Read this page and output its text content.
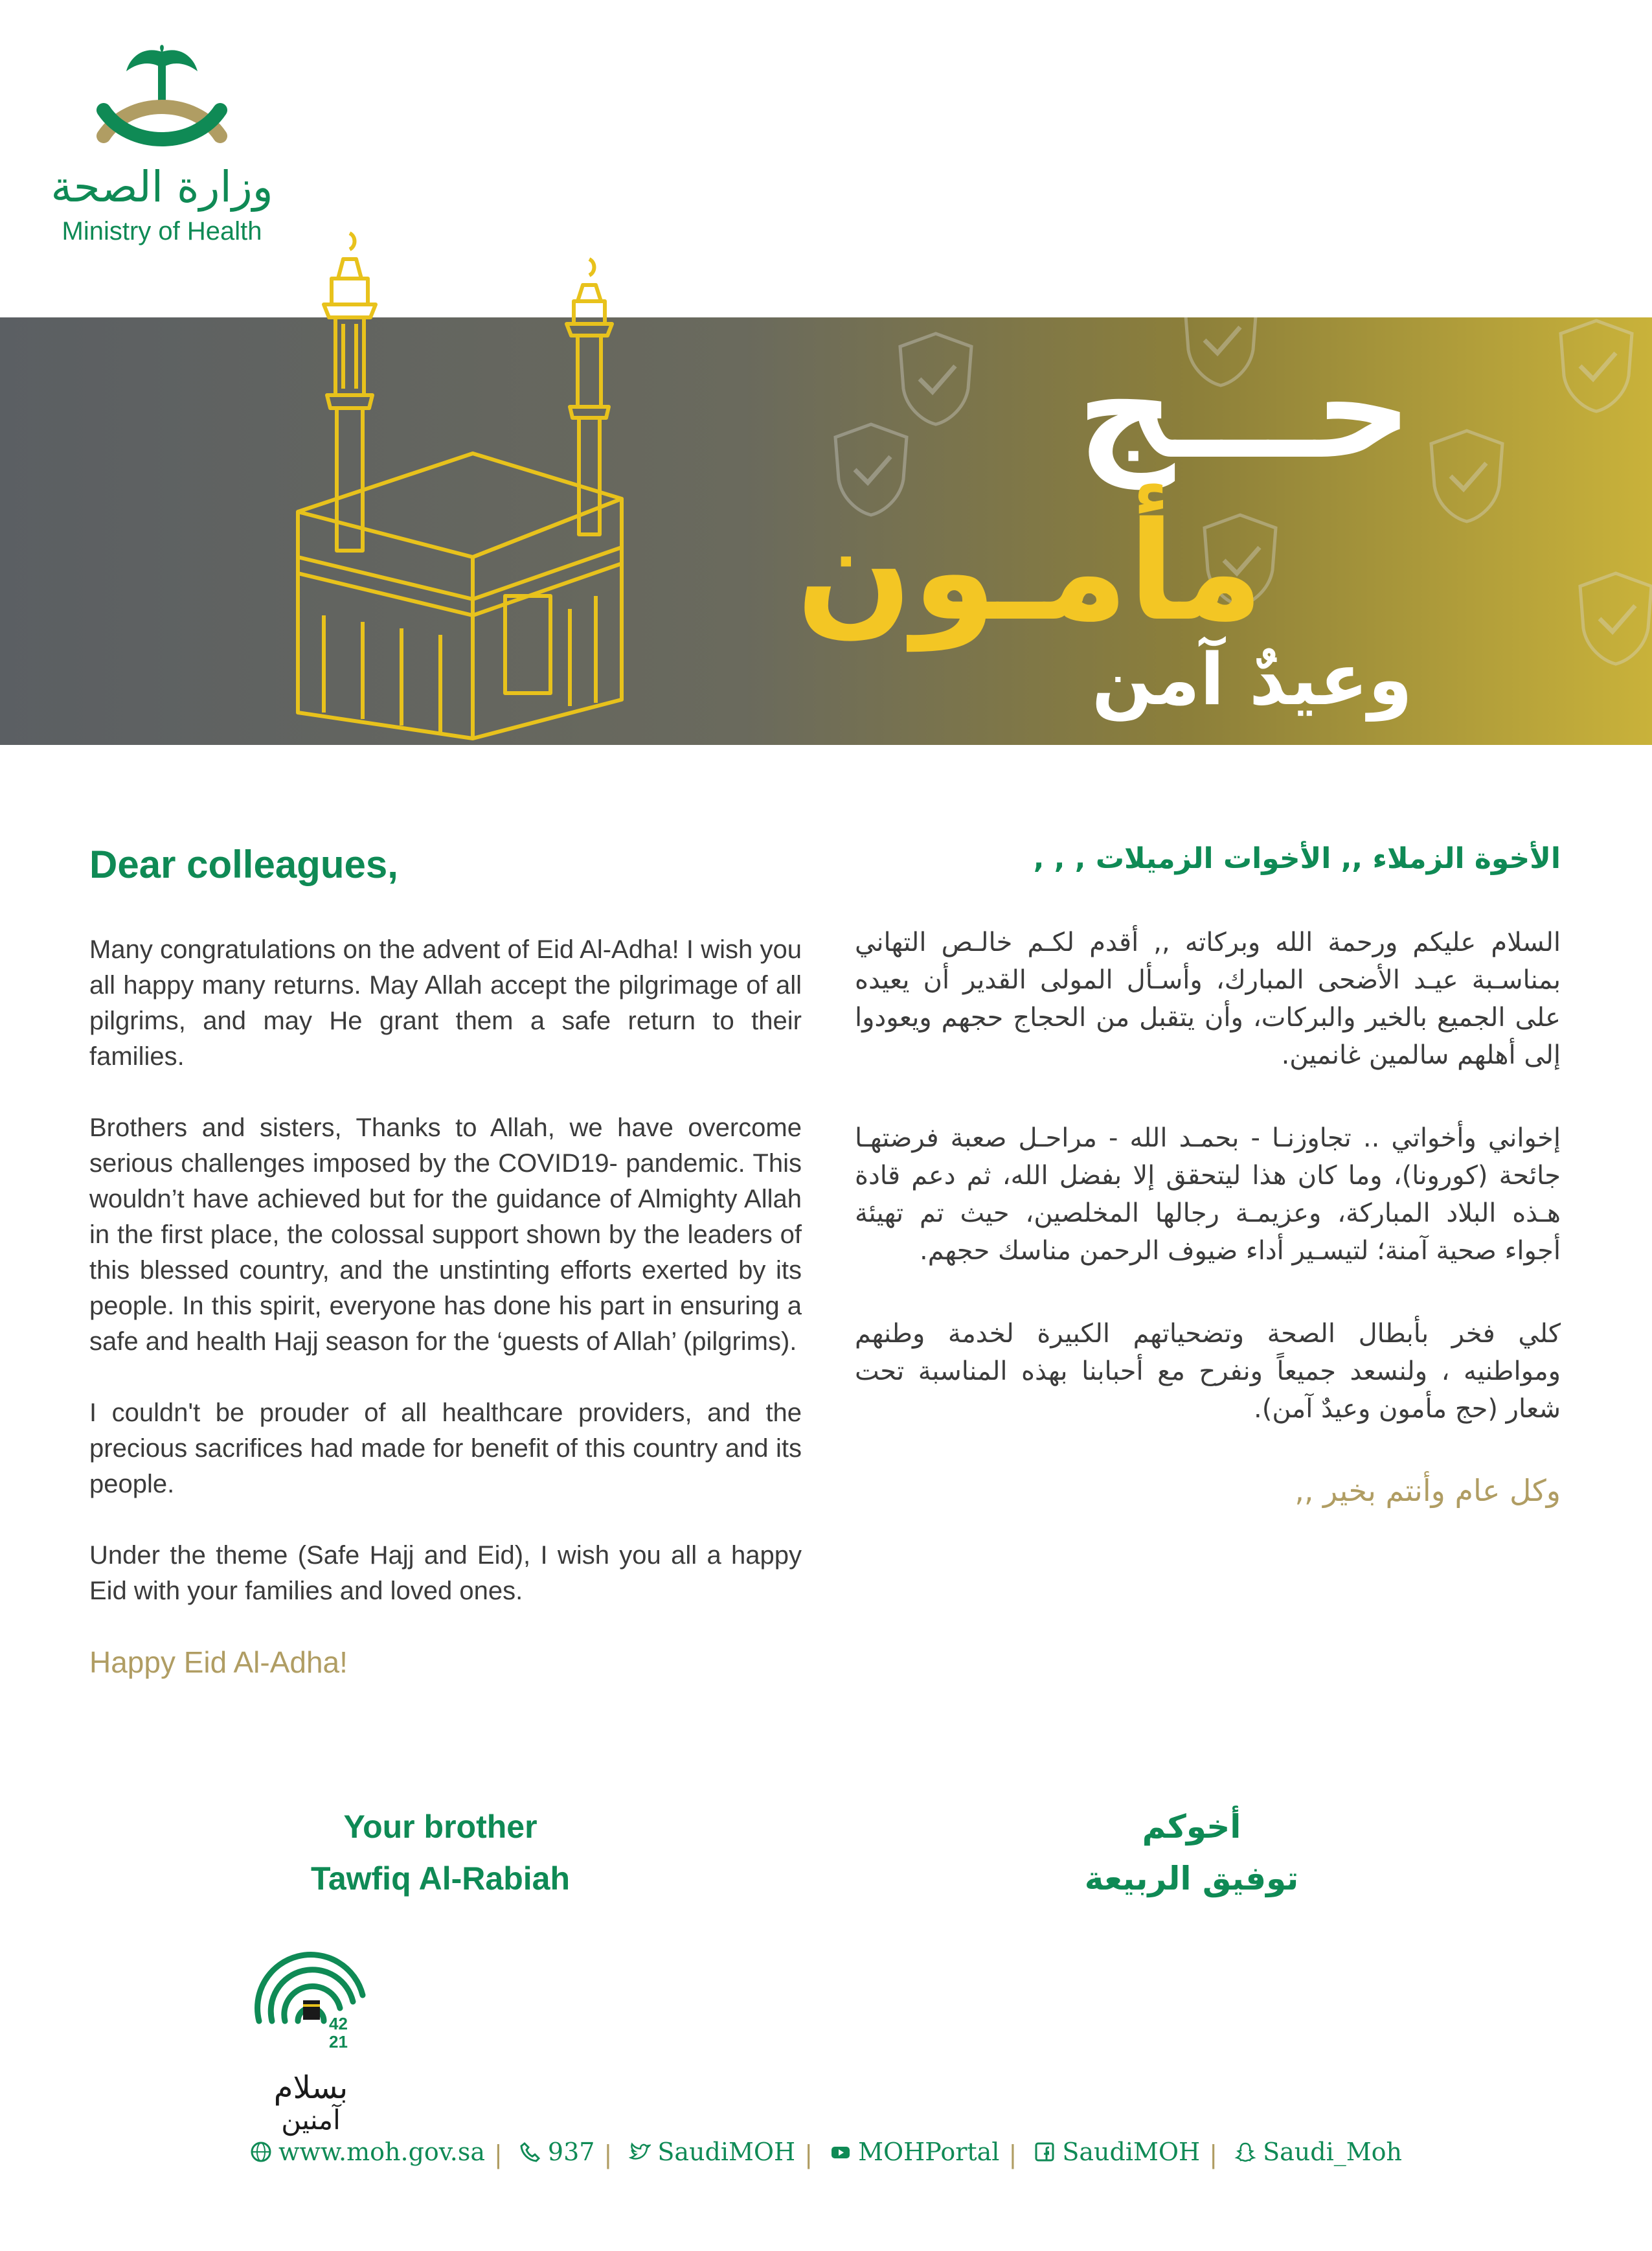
وزارة الصحة
Ministry of Health
حـــج
مأمـون
وعيدٌ آمن
Dear colleagues,

Many congratulations on the advent of Eid Al-Adha! I wish you all happy many returns. May Allah accept the pilgrimage of all pilgrims, and may He grant them a safe return to their families.

Brothers and sisters, Thanks to Allah, we have overcome serious challenges imposed by the COVID19- pandemic. This wouldn’t have achieved but for the guidance of Almighty Allah in the first place, the colossal support shown by the leaders of this blessed country, and the unstinting efforts exerted by its people. In this spirit, everyone has done his part in ensuring a safe and health Hajj season for the ‘guests of Allah’ (pilgrims).

I couldn't be prouder of all healthcare providers, and the precious sacrifices had made for benefit of this country and its people.

Under the theme (Safe Hajj and Eid), I wish you all a happy Eid with your families and loved ones.

Happy Eid Al-Adha!
الأخوة الزملاء ,, الأخوات الزميلات , , ,

السلام عليكم ورحمة الله وبركاته ,, أقدم لكـم خالـص التهاني بمناسـبة عيـد الأضحى المبارك، وأسـأل المولى القدير أن يعيده على الجميع بالخير والبركات، وأن يتقبل من الحجاج حجهم ويعودوا إلى أهلهم سالمين غانمين.

إخواني وأخواتي .. تجاوزنـا - بحمـد الله - مراحـل صعبة فرضتهـا جائحة (كورونا)، وما كان هذا ليتحقق إلا بفضل الله، ثم دعم قادة هـذه البلاد المباركة، وعزيمـة رجالها المخلصين، حيث تم تهيئة أجواء صحية آمنة؛ لتيسـير أداء ضيوف الرحمن مناسك حجهم.

كلي فخر بأبطال الصحة وتضحياتهم الكبيرة لخدمة وطنهم ومواطنيه ، ولنسعد جميعاً ونفرح مع أحبابنا بهذه المناسبة تحت شعار (حج مأمون وعيدٌ آمن).

وكل عام وأنتم بخير ,,
Your brother
Tawfiq Al-Rabiah
أخوكم
توفيق الربيعة
42
21
بسلام
آمنين
www.moh.gov.sa | 937 | SaudiMOH | MOHPortal | SaudiMOH | Saudi_Moh
